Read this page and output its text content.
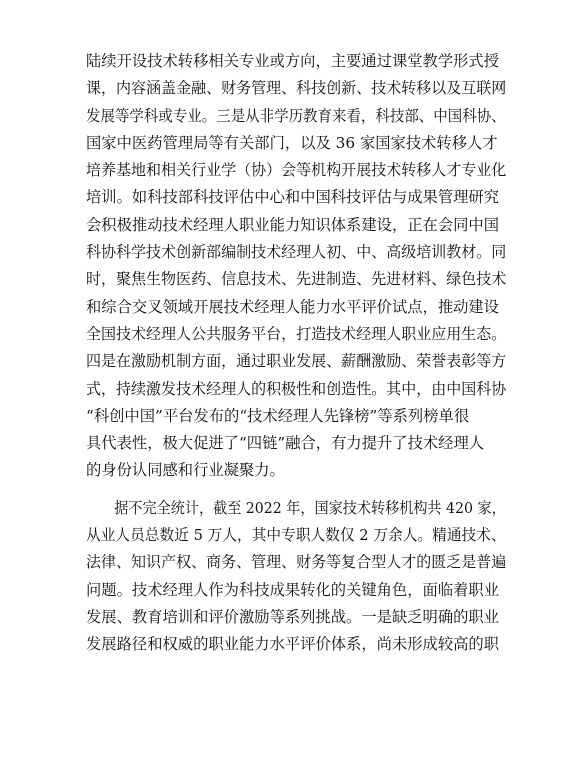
陆续开设技术转移相关专业或方向，主要通过课堂教学形式授
课，内容涵盖金融、财务管理、科技创新、技术转移以及互联网
发展等学科或专业。三是从非学历教育来看，科技部、中国科协、
国家中医药管理局等有关部门，以及 36 家国家技术转移人才
培养基地和相关行业学（协）会等机构开展技术转移人才专业化
培训。如科技部科技评估中心和中国科技评估与成果管理研究
会积极推动技术经理人职业能力知识体系建设，正在会同中国
科协科学技术创新部编制技术经理人初、中、高级培训教材。同
时，聚焦生物医药、信息技术、先进制造、先进材料、绿色技术
和综合交叉领域开展技术经理人能力水平评价试点，推动建设
全国技术经理人公共服务平台，打造技术经理人职业应用生态。
四是在激励机制方面，通过职业发展、薪酬激励、荣誉表彰等方
式，持续激发技术经理人的积极性和创造性。其中，由中国科协
“科创中国”平台发布的“技术经理人先锋榜”等系列榜单很
具代表性，极大促进了“四链”融合，有力提升了技术经理人
的身份认同感和行业凝聚力。

　　据不完全统计，截至 2022 年，国家技术转移机构共 420 家，
从业人员总数近 5 万人，其中专职人数仅 2 万余人。精通技术、
法律、知识产权、商务、管理、财务等复合型人才的匮乏是普遍
问题。技术经理人作为科技成果转化的关键角色，面临着职业
发展、教育培训和评价激励等系列挑战。一是缺乏明确的职业
发展路径和权威的职业能力水平评价体系，尚未形成较高的职
